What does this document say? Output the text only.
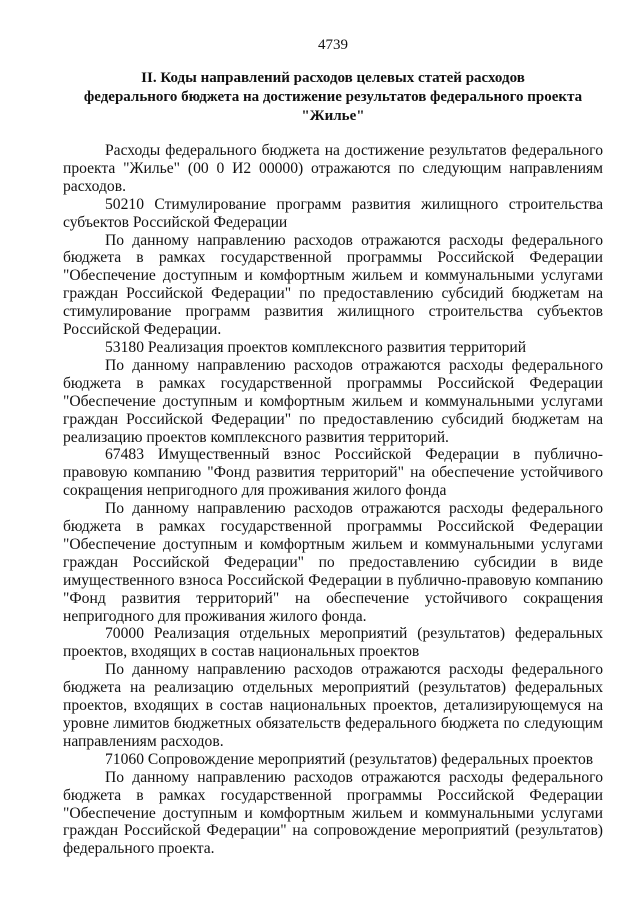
4739
II. Коды направлений расходов целевых статей расходов
федерального бюджета на достижение результатов федерального проекта
"Жилье"

Расходы федерального бюджета на достижение результатов федерального проекта "Жилье" (00 0 И2 00000) отражаются по следующим направлениям расходов.

50210 Стимулирование программ развития жилищного строительства субъектов Российской Федерации

По данному направлению расходов отражаются расходы федерального бюджета в рамках государственной программы Российской Федерации "Обеспечение доступным и комфортным жильем и коммунальными услугами граждан Российской Федерации" по предоставлению субсидий бюджетам на стимулирование программ развития жилищного строительства субъектов Российской Федерации.

53180 Реализация проектов комплексного развития территорий

По данному направлению расходов отражаются расходы федерального бюджета в рамках государственной программы Российской Федерации "Обеспечение доступным и комфортным жильем и коммунальными услугами граждан Российской Федерации" по предоставлению субсидий бюджетам на реализацию проектов комплексного развития территорий.

67483 Имущественный взнос Российской Федерации в публично-правовую компанию "Фонд развития территорий" на обеспечение устойчивого сокращения непригодного для проживания жилого фонда

По данному направлению расходов отражаются расходы федерального бюджета в рамках государственной программы Российской Федерации "Обеспечение доступным и комфортным жильем и коммунальными услугами граждан Российской Федерации" по предоставлению субсидии в виде имущественного взноса Российской Федерации в публично-правовую компанию "Фонд развития территорий" на обеспечение устойчивого сокращения непригодного для проживания жилого фонда.

70000 Реализация отдельных мероприятий (результатов) федеральных проектов, входящих в состав национальных проектов

По данному направлению расходов отражаются расходы федерального бюджета на реализацию отдельных мероприятий (результатов) федеральных проектов, входящих в состав национальных проектов, детализирующемуся на уровне лимитов бюджетных обязательств федерального бюджета по следующим направлениям расходов.

71060 Сопровождение мероприятий (результатов) федеральных проектов

По данному направлению расходов отражаются расходы федерального бюджета в рамках государственной программы Российской Федерации "Обеспечение доступным и комфортным жильем и коммунальными услугами граждан Российской Федерации" на сопровождение мероприятий (результатов) федерального проекта.
